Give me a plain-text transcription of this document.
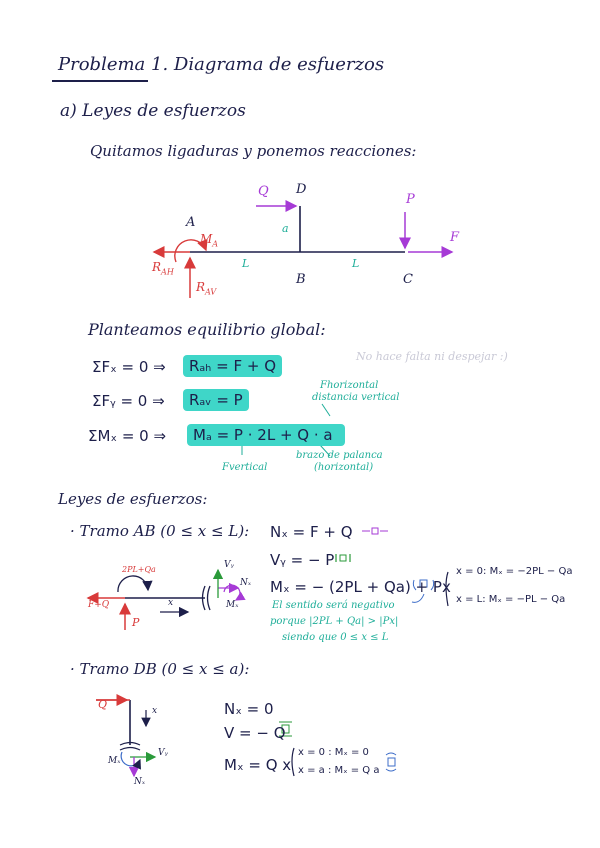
Problema 1. Diagrama de esfuerzos
a) Leyes de esfuerzos
Quitamos ligaduras y ponemos reacciones:
A
D
B	C
Q
P
F
a
L	L
$M_A$
$R_{AH}$
$R_{AV}$
Planteamos equilibrio global:
ΣFₓ = 0 ⇒	Rₐₕ = F + Q
No hace falta ni despejar :)
ΣFᵧ = 0 ⇒	Rₐᵥ = P
Fhorizontal
distancia vertical
ΣMₓ = 0 ⇒	Mₐ = P · 2L + Q · a
Fvertical
brazo de palanca
(horizontal)
Leyes de esfuerzos:
· Tramo AB (0 ≤ x ≤ L): Nₓ = F + Q
Vᵧ = − P
Mₓ = − (2PL + Qa) + Px
x = 0: Mₓ = −2PL − Qa
x = L: Mₓ = −PL − Qa
El sentido será negativo
porque |2PL + Qa| > |Px|
siendo que 0 ≤ x ≤ L
2PL+Qa
F+Q
P
x
Vᵧ
Nₓ
Mₓ
· Tramo DB (0 ≤ x ≤ a):
Nₓ = 0
V = − Q
Mₓ = Q x
x = 0 : Mₓ = 0
x = a : Mₓ = Q a
Q	x
Vᵧ
Mₓ
Nₓ
